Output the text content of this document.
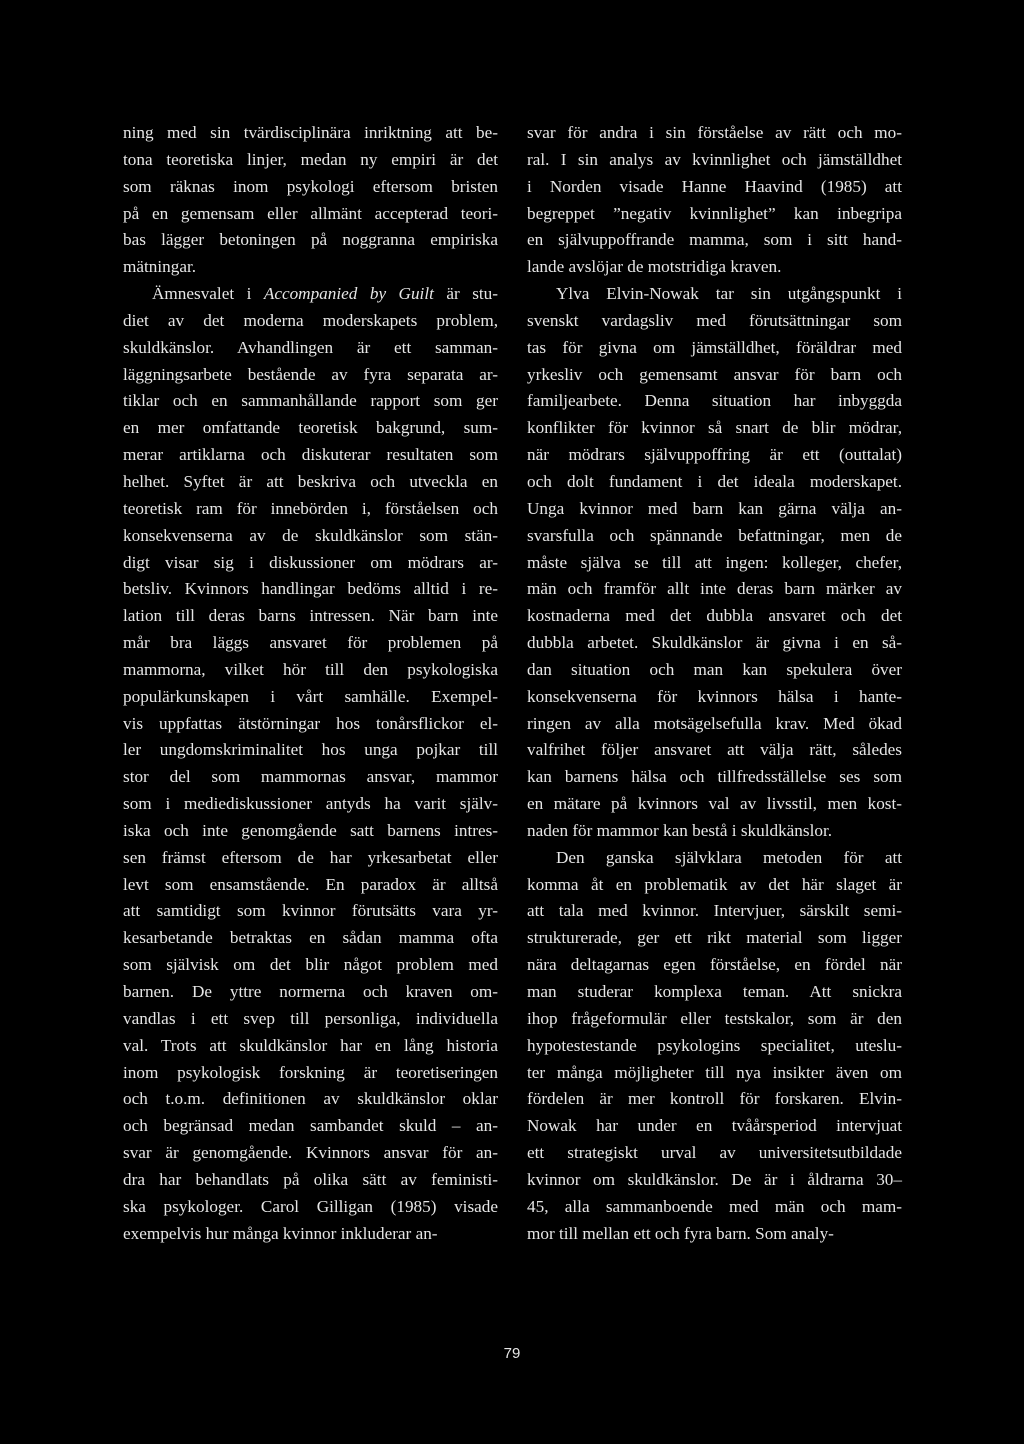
ning med sin tvärdisciplinära inriktning att be-
tona teoretiska linjer, medan ny empiri är det
som räknas inom psykologi eftersom bristen
på en gemensam eller allmänt accepterad teori-
bas lägger betoningen på noggranna empiriska
mätningar.
Ämnesvalet i Accompanied by Guilt är stu-
diet av det moderna moderskapets problem,
skuldkänslor. Avhandlingen är ett samman-
läggningsarbete bestående av fyra separata ar-
tiklar och en sammanhållande rapport som ger
en mer omfattande teoretisk bakgrund, sum-
merar artiklarna och diskuterar resultaten som
helhet. Syftet är att beskriva och utveckla en
teoretisk ram för innebörden i, förståelsen och
konsekvenserna av de skuldkänslor som stän-
digt visar sig i diskussioner om mödrars ar-
betsliv. Kvinnors handlingar bedöms alltid i re-
lation till deras barns intressen. När barn inte
mår bra läggs ansvaret för problemen på
mammorna, vilket hör till den psykologiska
populärkunskapen i vårt samhälle. Exempel-
vis uppfattas ätstörningar hos tonårsflickor el-
ler ungdomskriminalitet hos unga pojkar till
stor del som mammornas ansvar, mammor
som i mediediskussioner antyds ha varit själv-
iska och inte genomgående satt barnens intres-
sen främst eftersom de har yrkesarbetat eller
levt som ensamstående. En paradox är alltså
att samtidigt som kvinnor förutsätts vara yr-
kesarbetande betraktas en sådan mamma ofta
som självisk om det blir något problem med
barnen. De yttre normerna och kraven om-
vandlas i ett svep till personliga, individuella
val. Trots att skuldkänslor har en lång historia
inom psykologisk forskning är teoretiseringen
och t.o.m. definitionen av skuldkänslor oklar
och begränsad medan sambandet skuld – an-
svar är genomgående. Kvinnors ansvar för an-
dra har behandlats på olika sätt av feministi-
ska psykologer. Carol Gilligan (1985) visade
exempelvis hur många kvinnor inkluderar an-
svar för andra i sin förståelse av rätt och mo-
ral. I sin analys av kvinnlighet och jämställdhet
i Norden visade Hanne Haavind (1985) att
begreppet ”negativ kvinnlighet” kan inbegripa
en självuppoffrande mamma, som i sitt hand-
lande avslöjar de motstridiga kraven.
Ylva Elvin-Nowak tar sin utgångspunkt i
svenskt vardagsliv med förutsättningar som
tas för givna om jämställdhet, föräldrar med
yrkesliv och gemensamt ansvar för barn och
familjearbete. Denna situation har inbyggda
konflikter för kvinnor så snart de blir mödrar,
när mödrars självuppoffring är ett (outtalat)
och dolt fundament i det ideala moderskapet.
Unga kvinnor med barn kan gärna välja an-
svarsfulla och spännande befattningar, men de
måste själva se till att ingen: kolleger, chefer,
män och framför allt inte deras barn märker av
kostnaderna med det dubbla ansvaret och det
dubbla arbetet. Skuldkänslor är givna i en så-
dan situation och man kan spekulera över
konsekvenserna för kvinnors hälsa i hante-
ringen av alla motsägelsefulla krav. Med ökad
valfrihet följer ansvaret att välja rätt, således
kan barnens hälsa och tillfredsställelse ses som
en mätare på kvinnors val av livsstil, men kost-
naden för mammor kan bestå i skuldkänslor.
Den ganska självklara metoden för att
komma åt en problematik av det här slaget är
att tala med kvinnor. Intervjuer, särskilt semi-
strukturerade, ger ett rikt material som ligger
nära deltagarnas egen förståelse, en fördel när
man studerar komplexa teman. Att snickra
ihop frågeformulär eller testskalor, som är den
hypotestestande psykologins specialitet, uteslu-
ter många möjligheter till nya insikter även om
fördelen är mer kontroll för forskaren. Elvin-
Nowak har under en tvåårsperiod intervjuat
ett strategiskt urval av universitetsutbildade
kvinnor om skuldkänslor. De är i åldrarna 30–
45, alla sammanboende med män och mam-
mor till mellan ett och fyra barn. Som analy-
79
